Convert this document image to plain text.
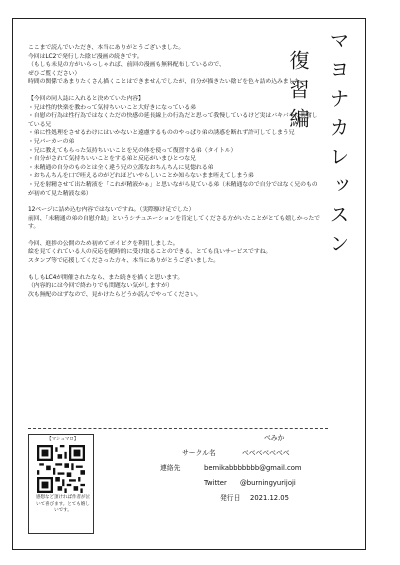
マヨナカレッスン
復習編

ここまで読んでいただき、本当にありがとうございました。

今回はLC2で発行した陰ビ漫画の続きです。

（もしも未見の方がいらっしゃれば、前回の漫画も無料配布しているので、

ぜひご覧ください）

時間の関係であまりたくさん描くことはできませんでしたが、自分が描きたい陰ビを色々詰め込みました。

【今回の同人誌に入れると決めていた内容】

・兄は性的快楽を教わって気持ちいいこと大好きになっている弟

・自慰の行為は性行為ではなくただの快感の延長線上の行為だと思って我慢しているけど実はバキバキに興奮している兄

・弟に性処理をさせるわけにはいかないと遠慮するもののやっぱり弟の誘惑を断れず許可してしまう兄

・兄パーカーの弟

・兄に教えてもらった気持ちいいことを兄の体を使って復習する弟（タイトル）

・自分がされて気持ちいいことをする弟と反応がいまひとつな兄

・未精通の自分のものとは全く違う兄の立派なおちんちんに見惚れる弟

・おちんちんを口で咥えるのがどれほどいやらしいことか知らないまま咥えてしまう弟

・兄を射精させて出た精液を「これが精液かぁ」と思いながら見ている弟（未精通なので自分ではなく兄のものが初めて見た精液な弟）

12ページに詰め込む内容ではないですね。（実際駆け足でした）

前回、「未精通の弟の自慰介助」というシチュエーションを肯定してくださる方がいたことがとても嬉しかったです。

今回、進捗の公開のため初めてポイピクを利用しました。

絵を見てくれている人の反応を随時的に受け取ることのできる、とても良いサービスですね。

スタンプ等で応援してくださった方々、本当にありがとうございました。

もしもLC4が開催されたなら、また続きを描くと思います。

（内容的には今回で終わりでも問題ない気がしますが）

次も無配のはずなので、見かけたらどうか読んでやってください。

【マシュマロ】
感想など頂ければ作者が泣いて喜びます。とても嬉しいです。
べみか
サークル名	べべべべべべべ
連絡先	bemikabbbbbbb@gmail.com
Twitter @burningyurijoji
発行日 2021.12.05
